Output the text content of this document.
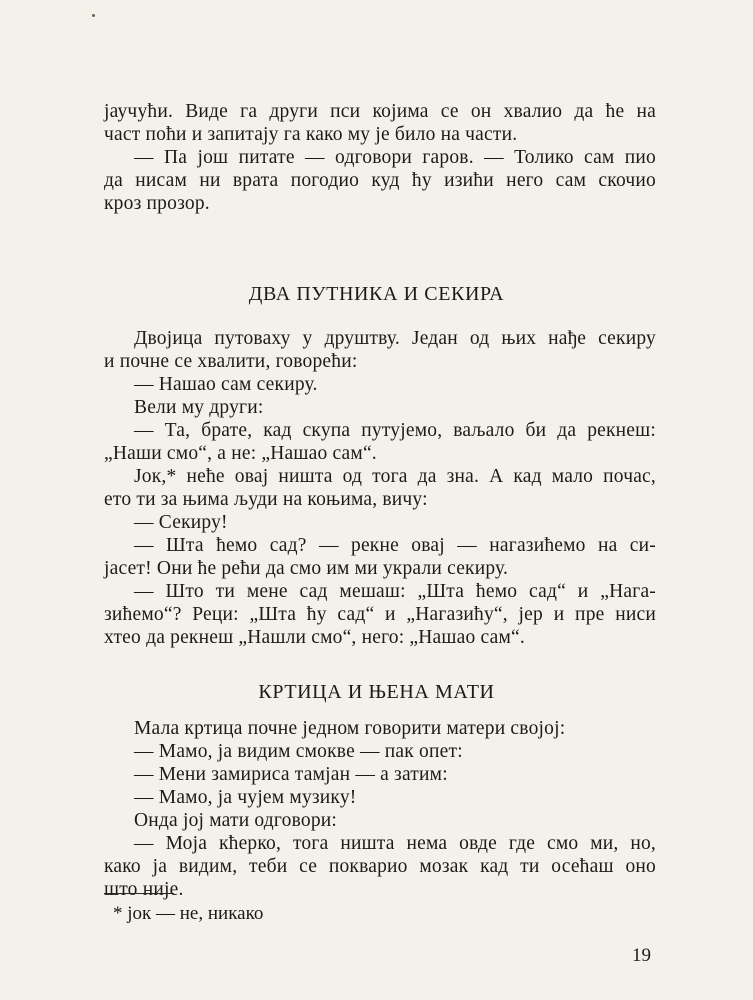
јаучући. Виде га други пси којима се он хвалио да ће на
част поћи и запитају га како му је било на части.
— Па још питате — одговори гаров. — Толико сам пио
да нисам ни врата погодио куд ћу изићи него сам скочио
кроз прозор.
ДВА ПУТНИКА И СЕКИРА
Двојица путоваху у друштву. Један од њих нађе секиру
и почне се хвалити, говорећи:
— Нашао сам секиру.
Вели му други:
— Та, брате, кад скупа путујемо, ваљало би да рекнеш:
„Наши смо“, а не: „Нашао сам“.
Јок,* неће овај ништа од тога да зна. А кад мало почас,
ето ти за њима људи на коњима, вичу:
— Секиру!
— Шта ћемо сад? — рекне овај — нагазићемо на си-
јасет! Они ће рећи да смо им ми украли секиру.
— Што ти мене сад мешаш: „Шта ћемо сад“ и „Нага-
зићемо“? Реци: „Шта ћу сад“ и „Нагазићу“, јер и пре ниси
хтео да рекнеш „Нашли смо“, него: „Нашао сам“.
КРТИЦА И ЊЕНА МАТИ
Мала кртица почне једном говорити матери својој:
— Мамо, ја видим смокве — пак опет:
— Мени замириса тамјан — а затим:
— Мамо, ја чујем музику!
Онда јој мати одговори:
— Моја кћерко, тога ништа нема овде где смо ми, но,
како ја видим, теби се покварио мозак кад ти осећаш оно
што није.
* јок — не, никако
19
